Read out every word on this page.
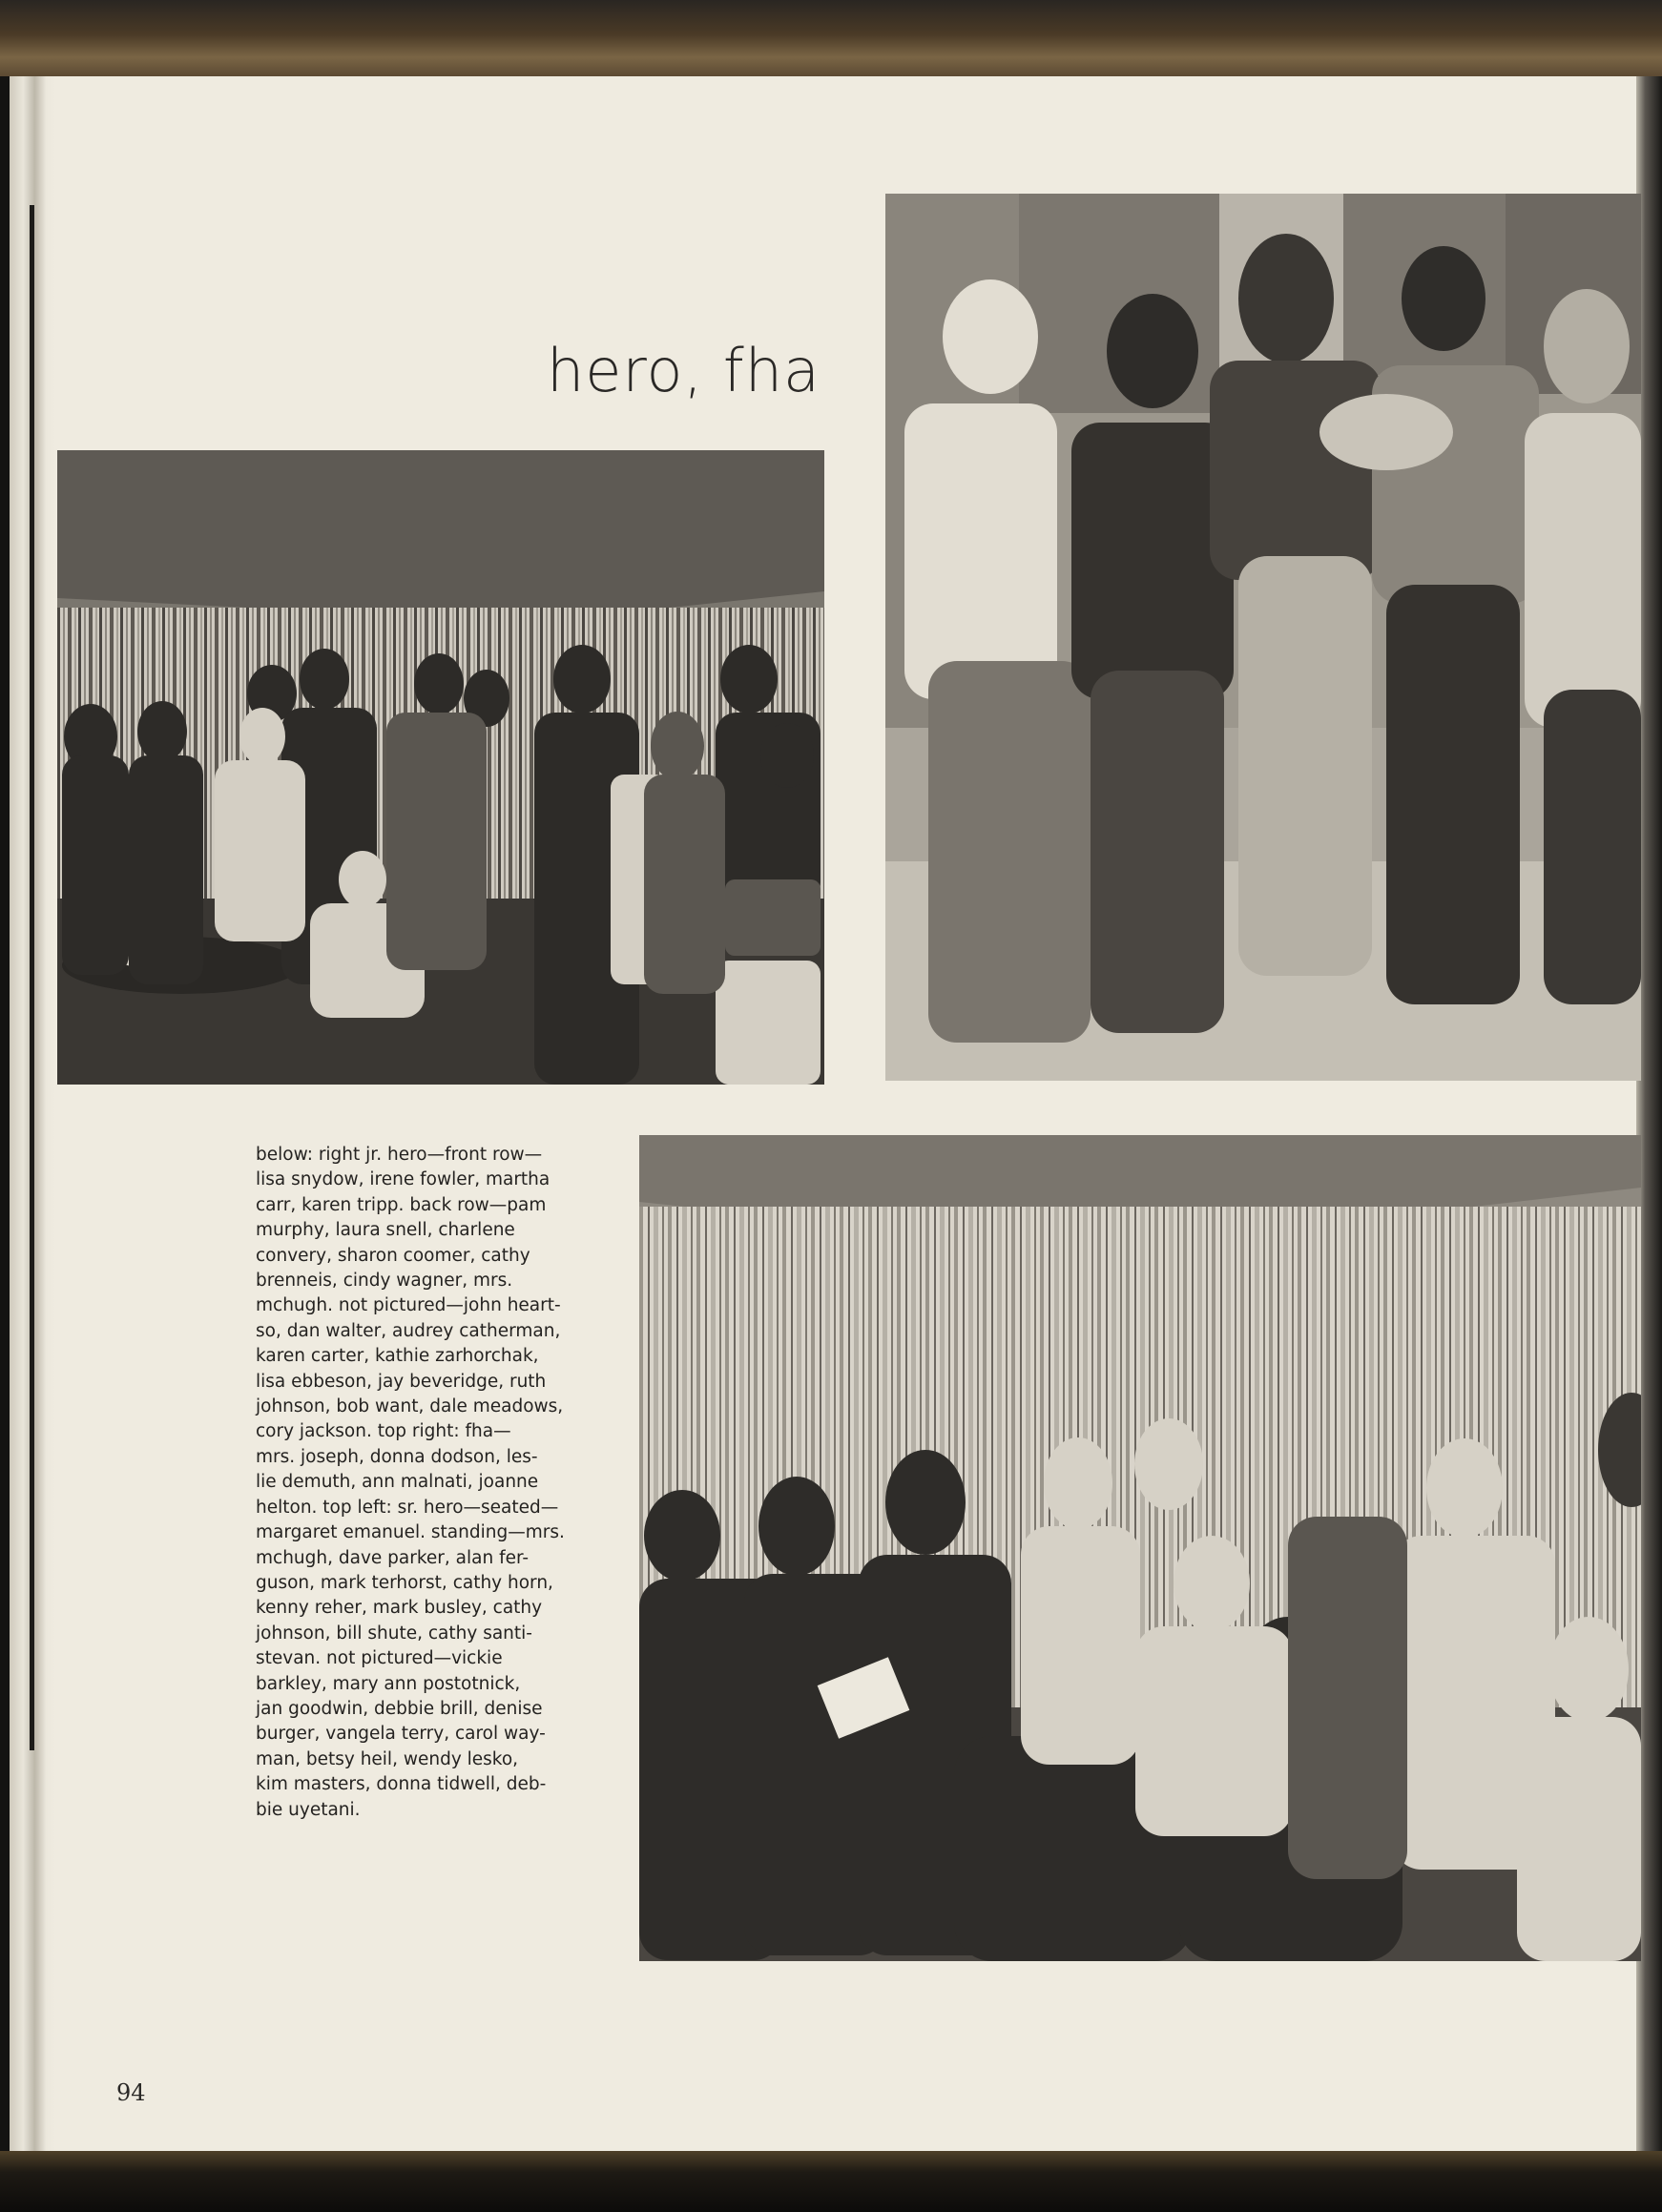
hero, fha
below: right jr. hero—front row—
lisa snydow, irene fowler, martha
carr, karen tripp. back row—pam
murphy, laura snell, charlene
convery, sharon coomer, cathy
brenneis, cindy wagner, mrs.
mchugh. not pictured—john heart-
so, dan walter, audrey catherman,
karen carter, kathie zarhorchak,
lisa ebbeson, jay beveridge, ruth
johnson, bob want, dale meadows,
cory jackson. top right: fha—
mrs. joseph, donna dodson, les-
lie demuth, ann malnati, joanne
helton. top left: sr. hero—seated—
margaret emanuel. standing—mrs.
mchugh, dave parker, alan fer-
guson, mark terhorst, cathy horn,
kenny reher, mark busley, cathy
johnson, bill shute, cathy santi-
stevan. not pictured—vickie
barkley, mary ann postotnick,
jan goodwin, debbie brill, denise
burger, vangela terry, carol way-
man, betsy heil, wendy lesko,
kim masters, donna tidwell, deb-
bie uyetani.
94
